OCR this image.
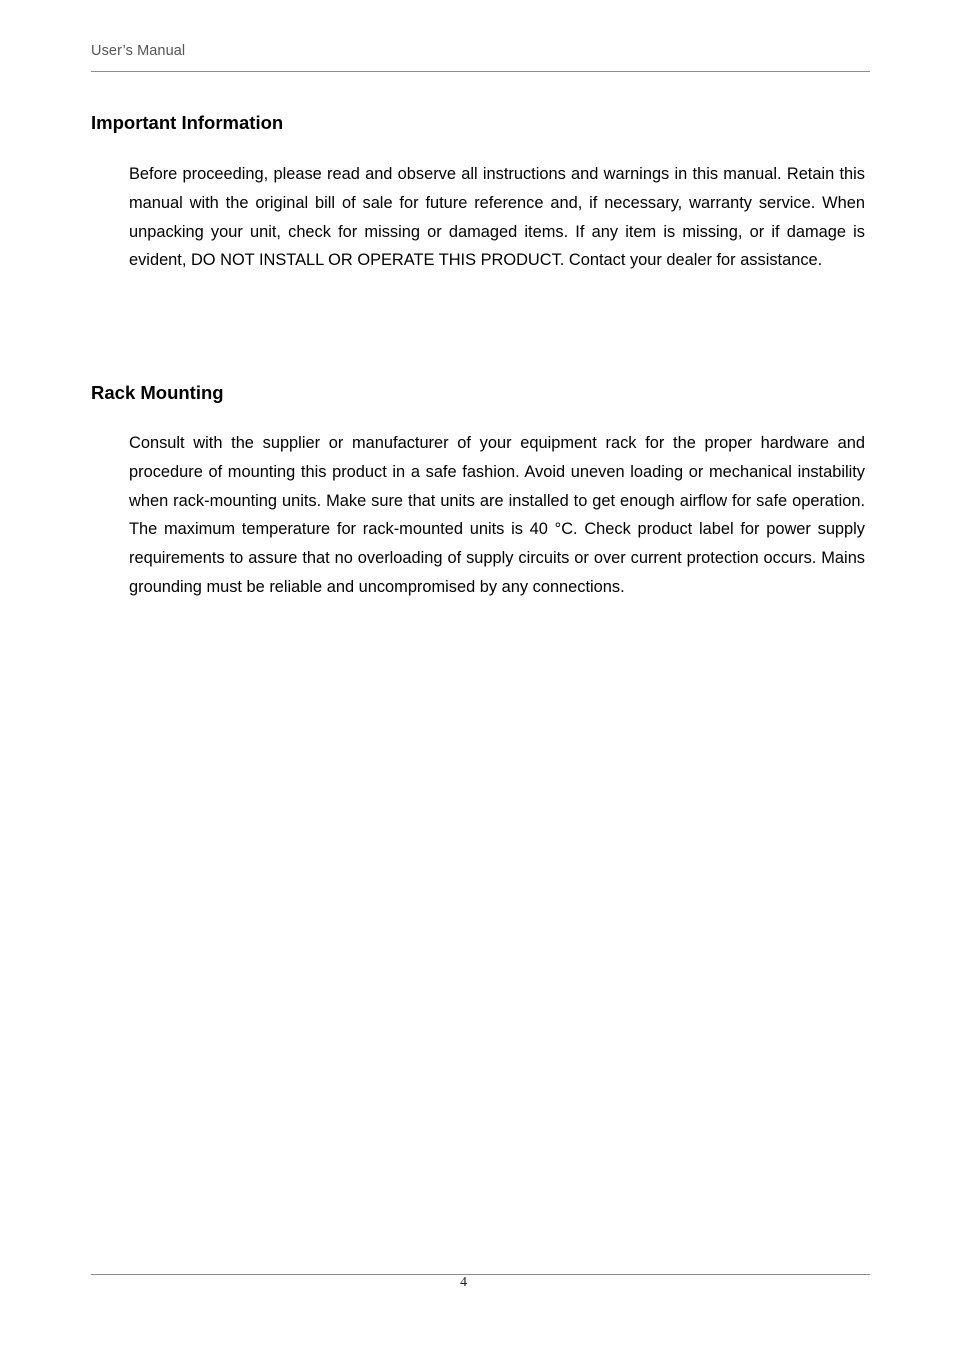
User’s Manual
Important Information

Before proceeding, please read and observe all instructions and warnings in this manual. Retain this manual with the original bill of sale for future reference and, if necessary, warranty service. When unpacking your unit, check for missing or damaged items. If any item is missing, or if damage is evident, DO NOT INSTALL OR OPERATE THIS PRODUCT. Contact your dealer for assistance.

Rack Mounting

Consult with the supplier or manufacturer of your equipment rack for the proper hardware and procedure of mounting this product in a safe fashion. Avoid uneven loading or mechanical instability when rack-mounting units. Make sure that units are installed to get enough airflow for safe operation. The maximum temperature for rack-mounted units is 40 °C. Check product label for power supply requirements to assure that no overloading of supply circuits or over current protection occurs. Mains grounding must be reliable and uncompromised by any connections.

4
